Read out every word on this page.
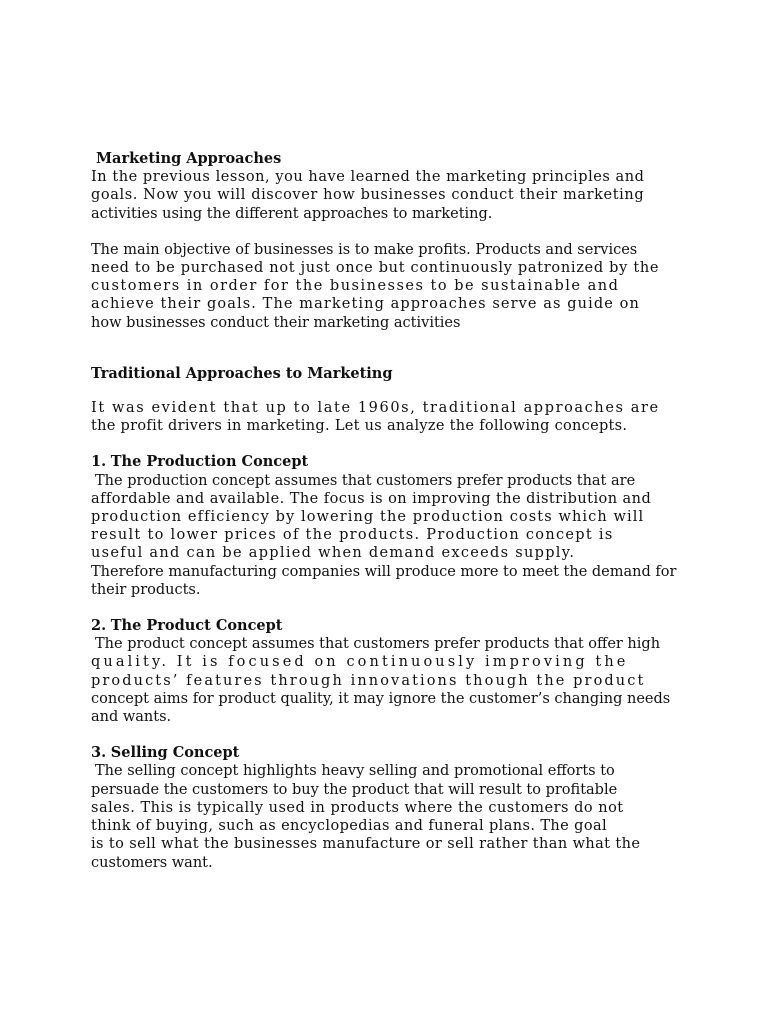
Marketing Approaches

In the previous lesson, you have learned the marketing principles and
goals. Now you will discover how businesses conduct their marketing
activities using the different approaches to marketing.
The main objective of businesses is to make profits. Products and services
need to be purchased not just once but continuously patronized by the
customers in order for the businesses to be sustainable and
achieve their goals. The marketing approaches serve as guide on
how businesses conduct their marketing activities

Traditional Approaches to Marketing

It was evident that up to late 1960s, traditional approaches are
the profit drivers in marketing. Let us analyze the following concepts.
1. The Production Concept
The production concept assumes that customers prefer products that are
affordable and available. The focus is on improving the distribution and
production efficiency by lowering the production costs which will
result to lower prices of the products. Production concept is
useful and can be applied when demand exceeds supply.
Therefore manufacturing companies will produce more to meet the demand for
their products.
2. The Product Concept
The product concept assumes that customers prefer products that offer high
quality. It is focused on continuously improving the
products’ features through innovations though the product
concept aims for product quality, it may ignore the customer’s changing needs
and wants.
3. Selling Concept
The selling concept highlights heavy selling and promotional efforts to
persuade the customers to buy the product that will result to profitable
sales. This is typically used in products where the customers do not
think of buying, such as encyclopedias and funeral plans. The goal
is to sell what the businesses manufacture or sell rather than what the
customers want.
